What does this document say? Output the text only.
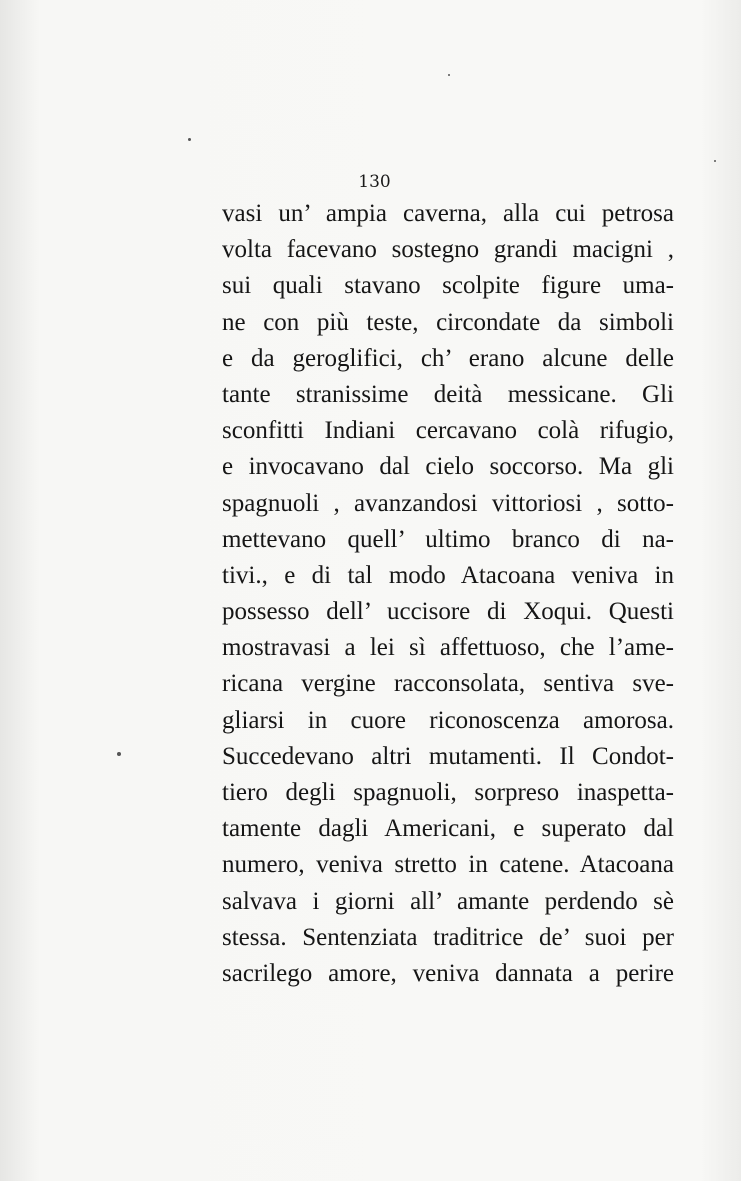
130
vasi un’ ampia caverna, alla cui petrosa
volta facevano sostegno grandi macigni ,
sui quali stavano scolpite figure uma-
ne con più teste, circondate da simboli
e da geroglifici, ch’ erano alcune delle
tante stranissime deità messicane. Gli
sconfitti Indiani cercavano colà rifugio,
e invocavano dal cielo soccorso. Ma gli
spagnuoli , avanzandosi vittoriosi , sotto-
mettevano quell’ ultimo branco di na-
tivi., e di tal modo Atacoana veniva in
possesso dell’ uccisore di Xoqui. Questi
mostravasi a lei sì affettuoso, che l’ame-
ricana vergine racconsolata, sentiva sve-
gliarsi in cuore riconoscenza amorosa.
Succedevano altri mutamenti. Il Condot-
tiero degli spagnuoli, sorpreso inaspetta-
tamente dagli Americani, e superato dal
numero, veniva stretto in catene. Atacoana
salvava i giorni all’ amante perdendo sè
stessa. Sentenziata traditrice de’ suoi per
sacrilego amore, veniva dannata a perire
